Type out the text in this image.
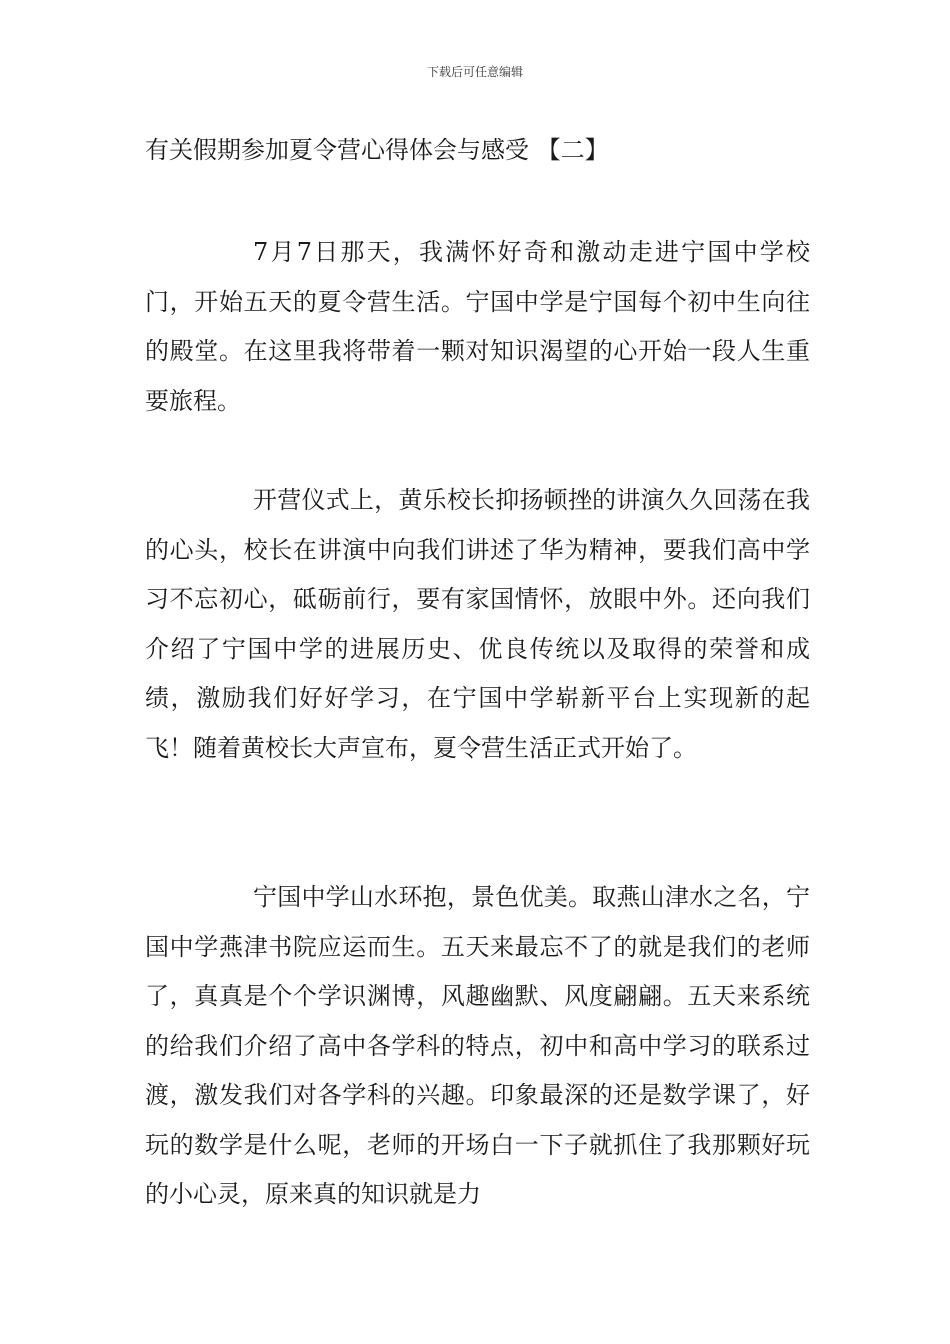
下载后可任意编辑
有关假期参加夏令营心得体会与感受 【二】

7月7日那天，我满怀好奇和激动走进宁国中学校门，开始五天的夏令营生活。宁国中学是宁国每个初中生向往的殿堂。在这里我将带着一颗对知识渴望的心开始一段人生重要旅程。

开营仪式上，黄乐校长抑扬顿挫的讲演久久回荡在我的心头，校长在讲演中向我们讲述了华为精神，要我们高中学习不忘初心，砥砺前行，要有家国情怀，放眼中外。还向我们介绍了宁国中学的进展历史、优良传统以及取得的荣誉和成绩，激励我们好好学习，在宁国中学崭新平台上实现新的起飞！随着黄校长大声宣布，夏令营生活正式开始了。

宁国中学山水环抱，景色优美。取燕山津水之名，宁国中学燕津书院应运而生。五天来最忘不了的就是我们的老师了，真真是个个学识渊博，风趣幽默、风度翩翩。五天来系统的给我们介绍了高中各学科的特点，初中和高中学习的联系过渡，激发我们对各学科的兴趣。印象最深的还是数学课了，好玩的数学是什么呢，老师的开场白一下子就抓住了我那颗好玩的小心灵，原来真的知识就是力
